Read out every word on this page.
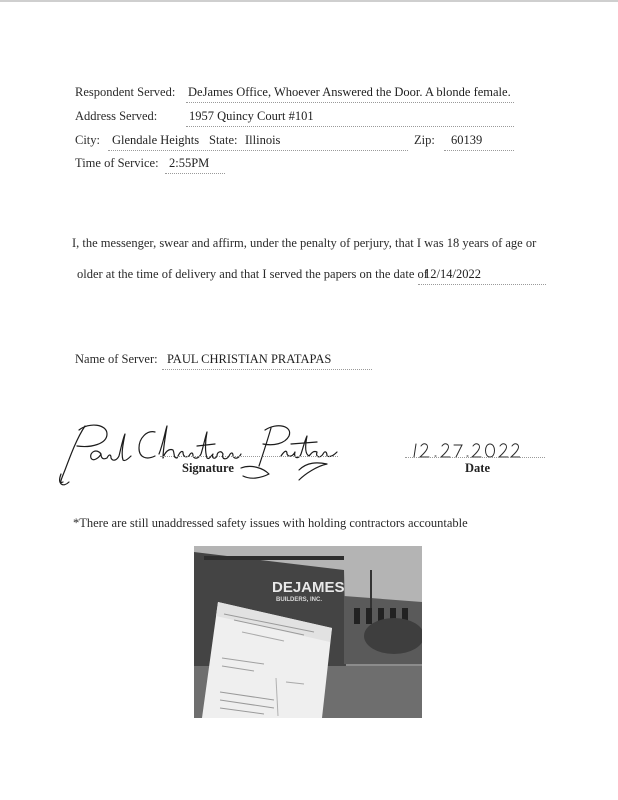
Respondent Served: DeJames Office, Whoever Answered the Door. A blonde female.
Address Served:	1957 Quincy Court #101
City: Glendale Heights State: Illinois	Zip: 60139
Time of Service: 2:55PM
I, the messenger, swear and affirm, under the penalty of perjury, that I was 18 years of age or
older at the time of delivery and that I served the papers on the date of
12/14/2022
Name of Server: PAUL CHRISTIAN PRATAPAS
Signature	Date
*There are still unaddressed safety issues with holding contractors accountable
DEJAMES
BUILDERS, INC.
